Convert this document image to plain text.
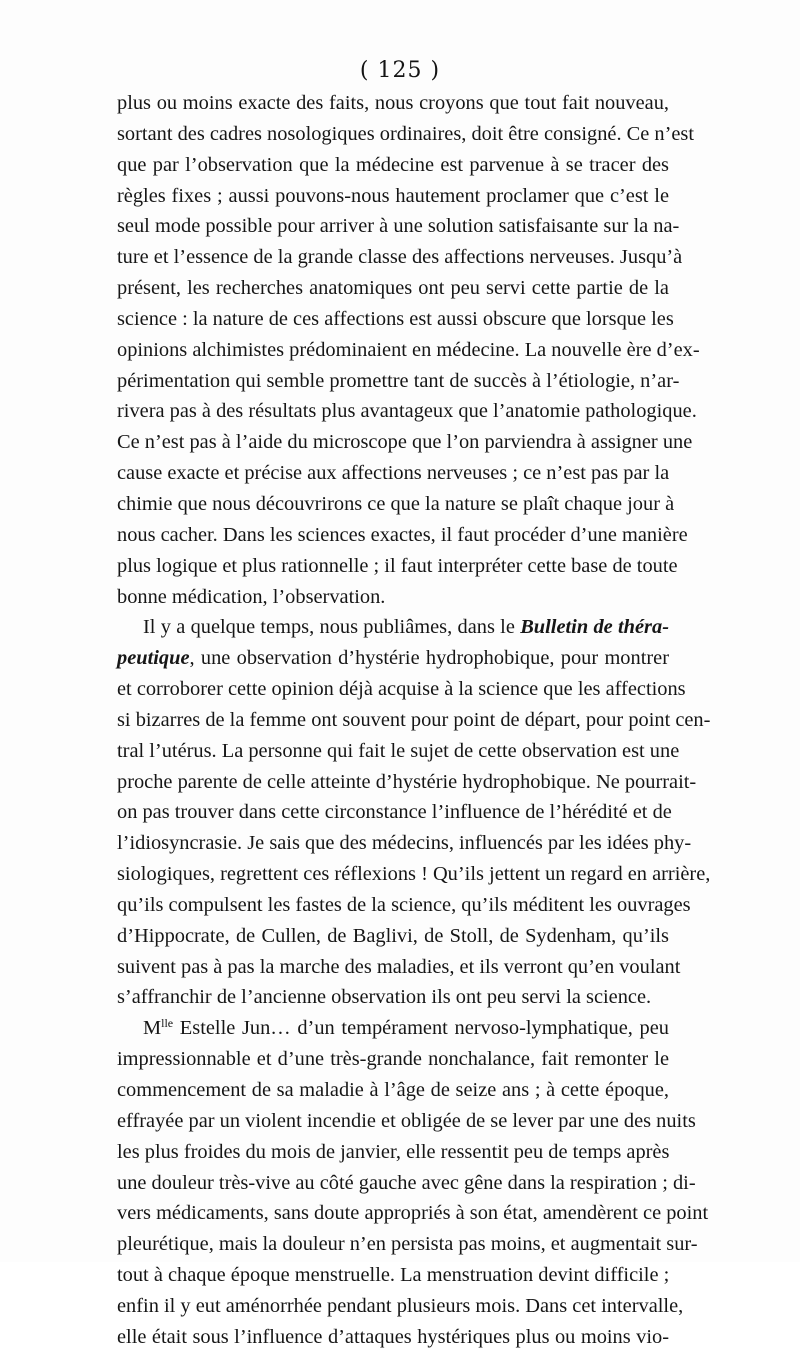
( 125 )
plus ou moins exacte des faits, nous croyons que tout fait nouveau,
sortant des cadres nosologiques ordinaires, doit être consigné. Ce n’est
que par l’observation que la médecine est parvenue à se tracer des
règles fixes ; aussi pouvons-nous hautement proclamer que c’est le
seul mode possible pour arriver à une solution satisfaisante sur la na-
ture et l’essence de la grande classe des affections nerveuses. Jusqu’à
présent, les recherches anatomiques ont peu servi cette partie de la
science : la nature de ces affections est aussi obscure que lorsque les
opinions alchimistes prédominaient en médecine. La nouvelle ère d’ex-
périmentation qui semble promettre tant de succès à l’étiologie, n’ar-
rivera pas à des résultats plus avantageux que l’anatomie pathologique.
Ce n’est pas à l’aide du microscope que l’on parviendra à assigner une
cause exacte et précise aux affections nerveuses ; ce n’est pas par la
chimie que nous découvrirons ce que la nature se plaît chaque jour à
nous cacher. Dans les sciences exactes, il faut procéder d’une manière
plus logique et plus rationnelle ; il faut interpréter cette base de toute
bonne médication, l’observation.
Il y a quelque temps, nous publiâmes, dans le Bulletin de théra-
peutique, une observation d’hystérie hydrophobique, pour montrer
et corroborer cette opinion déjà acquise à la science que les affections
si bizarres de la femme ont souvent pour point de départ, pour point cen-
tral l’utérus. La personne qui fait le sujet de cette observation est une
proche parente de celle atteinte d’hystérie hydrophobique. Ne pourrait-
on pas trouver dans cette circonstance l’influence de l’hérédité et de
l’idiosyncrasie. Je sais que des médecins, influencés par les idées phy-
siologiques, regrettent ces réflexions ! Qu’ils jettent un regard en arrière,
qu’ils compulsent les fastes de la science, qu’ils méditent les ouvrages
d’Hippocrate, de Cullen, de Baglivi, de Stoll, de Sydenham, qu’ils
suivent pas à pas la marche des maladies, et ils verront qu’en voulant
s’affranchir de l’ancienne observation ils ont peu servi la science.
$M^{lle}$ Estelle Jun… d’un tempérament nervoso-lymphatique, peu
impressionnable et d’une très-grande nonchalance, fait remonter le
commencement de sa maladie à l’âge de seize ans ; à cette époque,
effrayée par un violent incendie et obligée de se lever par une des nuits
les plus froides du mois de janvier, elle ressentit peu de temps après
une douleur très-vive au côté gauche avec gêne dans la respiration ; di-
vers médicaments, sans doute appropriés à son état, amendèrent ce point
pleurétique, mais la douleur n’en persista pas moins, et augmentait sur-
tout à chaque époque menstruelle. La menstruation devint difficile ;
enfin il y eut aménorrhée pendant plusieurs mois. Dans cet intervalle,
elle était sous l’influence d’attaques hystériques plus ou moins vio-
